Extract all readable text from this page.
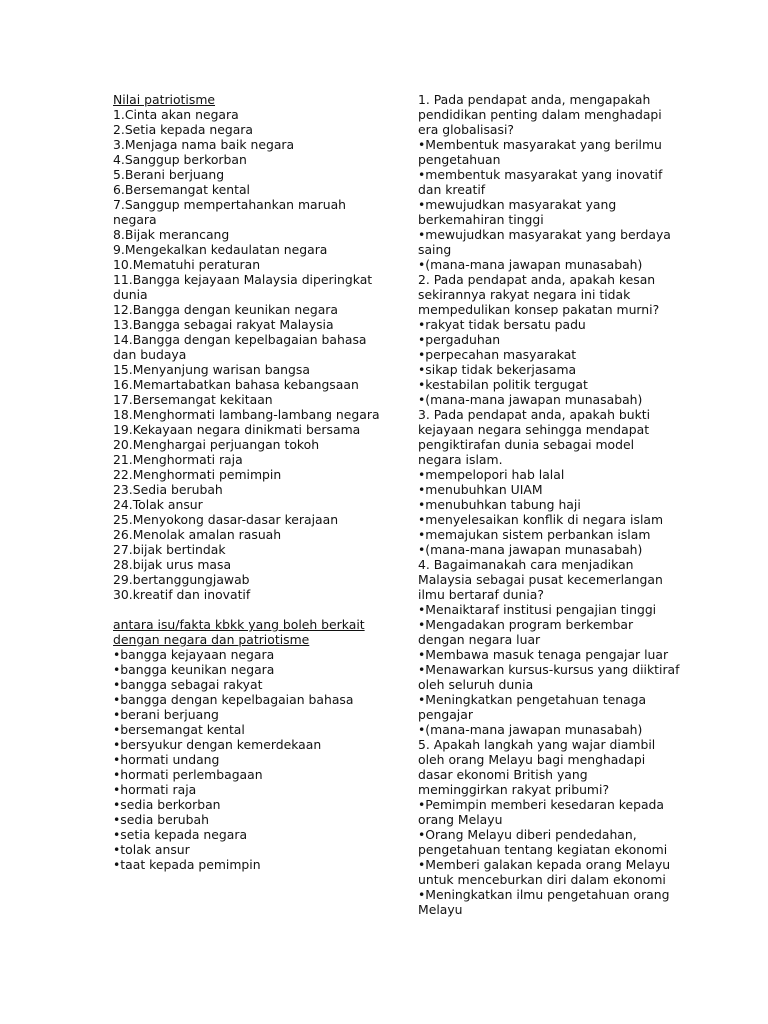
Nilai patriotisme
1.Cinta akan negara
2.Setia kepada negara
3.Menjaga nama baik negara
4.Sanggup berkorban
5.Berani berjuang
6.Bersemangat kental
7.Sanggup mempertahankan maruah negara
8.Bijak merancang
9.Mengekalkan kedaulatan negara
10.Mematuhi peraturan
11.Bangga kejayaan Malaysia diperingkat dunia
12.Bangga dengan keunikan negara
13.Bangga sebagai rakyat Malaysia
14.Bangga dengan kepelbagaian bahasa dan budaya
15.Menyanjung warisan bangsa
16.Memartabatkan bahasa kebangsaan
17.Bersemangat kekitaan
18.Menghormati lambang-lambang negara
19.Kekayaan negara dinikmati bersama
20.Menghargai perjuangan tokoh
21.Menghormati raja
22.Menghormati pemimpin
23.Sedia berubah
24.Tolak ansur
25.Menyokong dasar-dasar kerajaan
26.Menolak amalan rasuah
27.bijak bertindak
28.bijak urus masa
29.bertanggungjawab
30.kreatif dan inovatif
antara isu/fakta kbkk yang boleh berkait dengan negara dan patriotisme
•bangga kejayaan negara
•bangga keunikan negara
•bangga sebagai rakyat
•bangga dengan kepelbagaian bahasa
•berani berjuang
•bersemangat kental
•bersyukur dengan kemerdekaan
•hormati undang
•hormati perlembagaan
•hormati raja
•sedia berkorban
•sedia berubah
•setia kepada negara
•tolak ansur
•taat kepada pemimpin
1. Pada pendapat anda, mengapakah pendidikan penting dalam menghadapi era globalisasi?
•Membentuk masyarakat yang berilmu pengetahuan
•membentuk masyarakat yang inovatif dan kreatif
•mewujudkan masyarakat yang berkemahiran tinggi
•mewujudkan masyarakat yang berdaya saing
•(mana-mana jawapan munasabah)
2. Pada pendapat anda, apakah kesan sekirannya rakyat negara ini tidak mempedulikan konsep pakatan murni?
•rakyat tidak bersatu padu
•pergaduhan
•perpecahan masyarakat
•sikap tidak bekerjasama
•kestabilan politik tergugat
•(mana-mana jawapan munasabah)
3. Pada pendapat anda, apakah bukti kejayaan negara sehingga mendapat pengiktirafan dunia sebagai model negara islam.
•mempelopori hab lalal
•menubuhkan UIAM
•menubuhkan tabung haji
•menyelesaikan konflik di negara islam
•memajukan sistem perbankan islam
•(mana-mana jawapan munasabah)
4. Bagaimanakah cara menjadikan Malaysia sebagai pusat kecemerlangan ilmu bertaraf dunia?
•Menaiktaraf institusi pengajian tinggi
•Mengadakan program berkembar dengan negara luar
•Membawa masuk tenaga pengajar luar
•Menawarkan kursus-kursus yang diiktiraf oleh seluruh dunia
•Meningkatkan pengetahuan tenaga pengajar
•(mana-mana jawapan munasabah)
5. Apakah langkah yang wajar diambil oleh orang Melayu bagi menghadapi dasar ekonomi British yang meminggirkan rakyat pribumi?
•Pemimpin memberi kesedaran kepada orang Melayu
•Orang Melayu diberi pendedahan, pengetahuan tentang kegiatan ekonomi
•Memberi galakan kepada orang Melayu untuk menceburkan diri dalam ekonomi
•Meningkatkan ilmu pengetahuan orang Melayu
